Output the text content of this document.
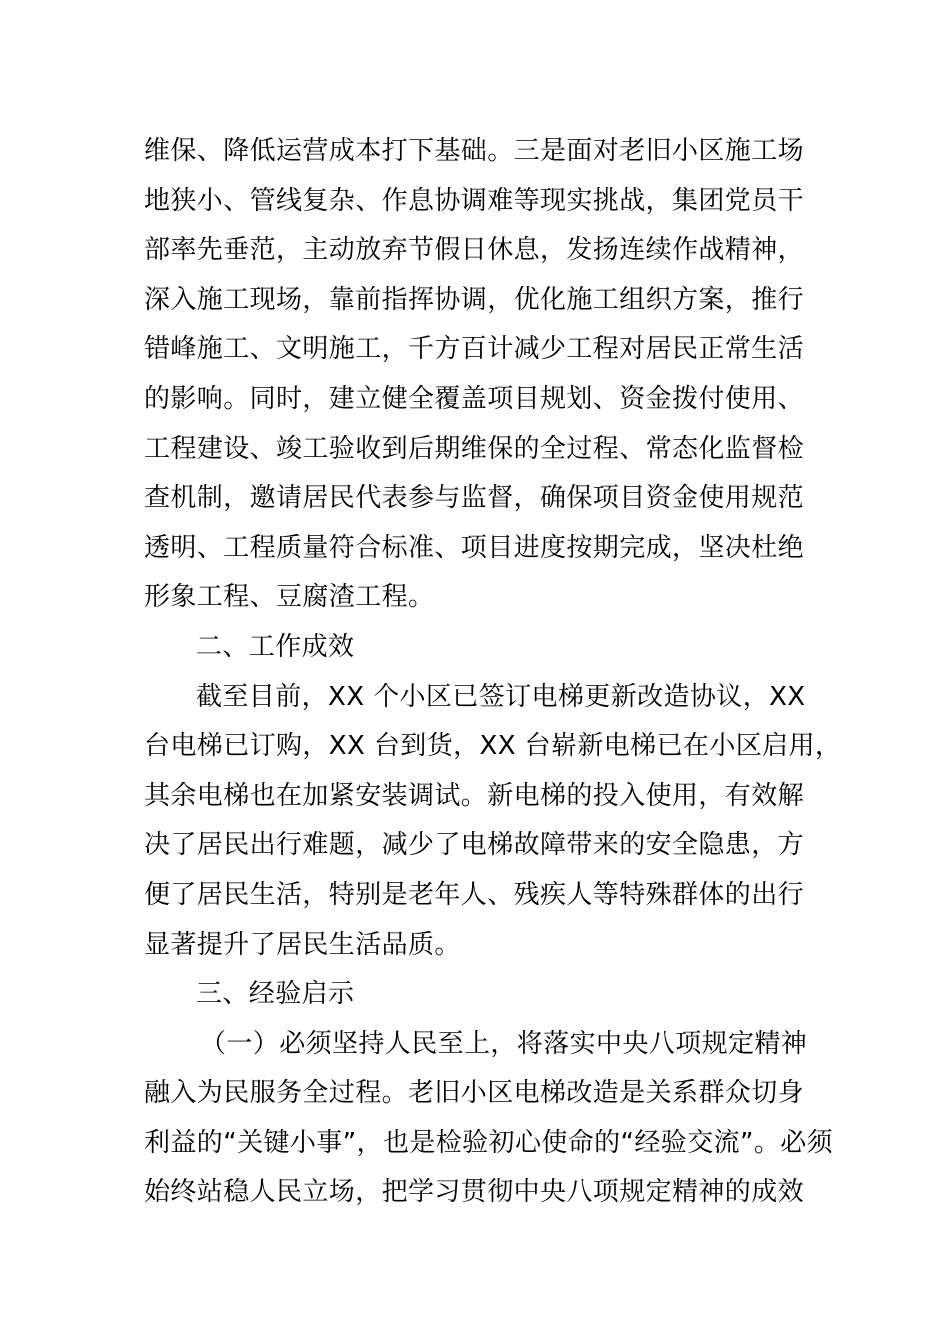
维保、降低运营成本打下基础。三是面对老旧小区施工场
地狭小、管线复杂、作息协调难等现实挑战，集团党员干
部率先垂范，主动放弃节假日休息，发扬连续作战精神，
深入施工现场，靠前指挥协调，优化施工组织方案，推行
错峰施工、文明施工，千方百计减少工程对居民正常生活
的影响。同时，建立健全覆盖项目规划、资金拨付使用、
工程建设、竣工验收到后期维保的全过程、常态化监督检
查机制，邀请居民代表参与监督，确保项目资金使用规范
透明、工程质量符合标准、项目进度按期完成，坚决杜绝
形象工程、豆腐渣工程。
二、工作成效
截至目前，XX 个小区已签订电梯更新改造协议，XX
台电梯已订购，XX 台到货，XX 台崭新电梯已在小区启用，
其余电梯也在加紧安装调试。新电梯的投入使用，有效解
决了居民出行难题，减少了电梯故障带来的安全隐患，方
便了居民生活，特别是老年人、残疾人等特殊群体的出行
显著提升了居民生活品质。
三、经验启示
（一）必须坚持人民至上，将落实中央八项规定精神
融入为民服务全过程。老旧小区电梯改造是关系群众切身
利益的“关键小事”，也是检验初心使命的“经验交流”。必须
始终站稳人民立场，把学习贯彻中央八项规定精神的成效
